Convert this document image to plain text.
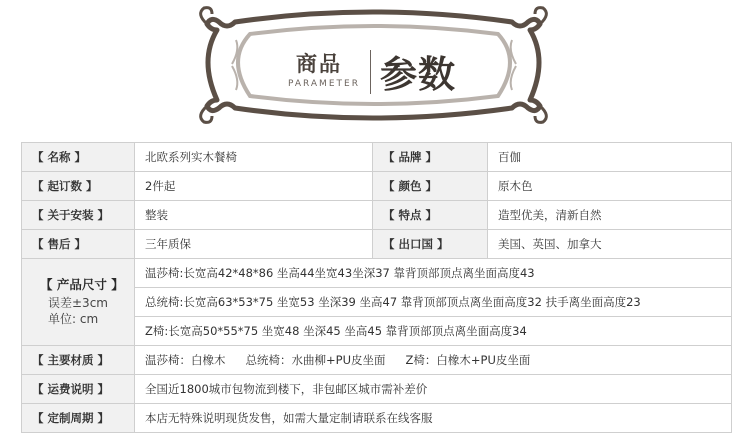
商品
PARAMETER 参数
【 名称 】	北欧系列实木餐椅	【 品牌 】	百伽
【 起订数 】	2件起	【 颜色 】	原木色
【 关于安装 】	整装	【 特点 】	造型优美，清新自然
【 售后 】	三年质保	【 出口国 】	美国、英国、加拿大

【 产品尺寸 】
误差±3cm
单位: cm	温莎椅:长宽高42*48*86 坐高44坐宽43坐深37 靠背顶部顶点离坐面高度43		
	总统椅:长宽高63*53*75 坐宽53 坐深39 坐高47 靠背顶部顶点离坐面高度32 扶手离坐面高度23		
	Z椅:长宽高50*55*75 坐宽48 坐深45 坐高45 靠背顶部顶点离坐面高度34		
【 主要材质 】	温莎椅：白橡木 总统椅：水曲柳+PU皮坐面 Z椅：白橡木+PU皮坐面		
【 运费说明 】	全国近1800城市包物流到楼下，非包邮区城市需补差价		
【 定制周期 】	本店无特殊说明现货发售，如需大量定制请联系在线客服		
